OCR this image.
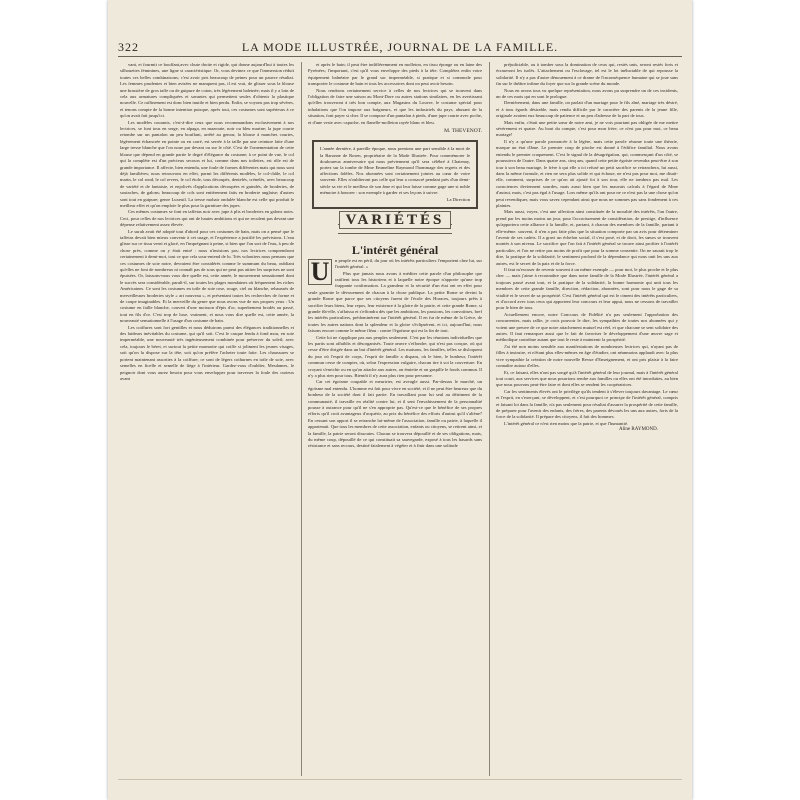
322	LA MODE ILLUSTRÉE, JOURNAL DE LA FAMILLE.

vant, et fourmit ce bouffant,avec chute droite et rigide, qui donne aujourd'hui à toutes les silhouettes féminines, une ligne si caractéristique. Or, vous devinez ce que l'immersion réduit toutes ces belles combinaisons; c'est avoir pris beaucoup de peines pour un pauvre résultat. Les femmes prudentes et bien avisées ne manquent pas, il est vrai, de glisser sous la blouse une brassière de gros taffe ou de guipure de coton, très légèrement baleinée; mais il y a loin de cela aux armatures compliquées et savantes qui permettent seules d'obtenir la plastique nouvelle. Ce raffinement est donc bien inutile et bien perdu. Enfin, se voyons pas trop sévères, et tenons compte de la bonne intention puisque, après tout, ces costumes sont supérieurs à ce qu'on avait fait jusqu'ici.

Les modèles courants, c'est-à-dire ceux que nous recommandons exclusivement à nos lectrices, se font tous en serge, en alpaga, en mazorate, noir ou bleu marine; la jupe courte retombe sur un pantalon un peu bouffant, arrêté au genou; la blouse à manches courtes, légèrement échancrée en pointe ou en carré, est serrée à la taille par une ceinture faite d'une large tresse blanche que l'on noue par devant ou sur le côté. C'est de l'ornementation de cette blouse que dépend en grande partie le degré d'élégance du costume; à ce point de vue, le col qui la complète est d'un précieux secours et lui, comme dans nos toilettes, est rôle est de grande importance. Il affecte, bien entendu, une foule de formes différentes mais qui nous sont déjà familières; nous retrouvons en effet, parmi les différents modèles, le col-châle, le col marin, le col rond, le col revers, le col étole, tous découpés, dentelés, crénelés, avec beaucoup de variété et de fantaisie, et enjolivés d'applications découpées et guindés, de broderies, de soutaches, de galons; beaucoup de cols sont entièrement faits en broderie anglaise; d'autres sont tout en guipure; genre Luxeuil. La tresse mohair ondulée blanche est celle qui produit le meilleur effet et qu'on emploie le plus pour la garniture des jupes.

Ces mêmes costumes se font en taffetas noir avec jupe à plis et broderies en galons noirs. Ceci, pour celles de nos lectrices qui ont de hautes ambitions et qui ne reculent pas devant une dépense relativement assez élevée.

Le surah avait été adopté tout d'abord pour ces costumes de bain, mais on a pensé que le taffetas devait bien mieux convenir à cet usage, et l'expérience a justifié les prévisions. L'eau glisse sur ce tissu verni et glacé, en l'imprégnant à peine, si bien que l'on sort de l'eau, à peu de chose près, comme on y était entré : nous n'insistons pas; nos lectrices comprendront certainement à demi-mot, tout ce que cela sous-entend de lu. Très volontiers nous pensons que ces costumes de soie noire, devraient être considérés comme le summum du beau, oubliant qu'elles ne font de nombreux ni connaît pas de sous qui ne peut pas attirer les surprises ne sont épuisées. Or, laissons-nous vous dire quelle est, cette année, le mouvement sensationnel dont le succès sera considérable, paraît-il, sur toutes les plages mondaines où fréquentent les riches Américaines. Ce sont les costumes en toile de soie rose, rouge, ciel ou blanche, rehaussés de merveilleuses broderies style « art nouveau », et présentant toutes les recherches de forme et de coupe imaginables. Et la merveille du genre que nous avons vue de nos propres yeux : Un costume en faille blanche, couvert d'une moisson d'épis d'or, superbement brodés au passé, tout en fils d'or. C'est trop de luxe, vraiment, et nous vous dire quelle est, cette année, la nouveauté sensationnelle à l'usage d'un costume de bain.

Les coiffures sont fort gentilles et nous déduirons parmi des élégances traditionnelles et des laideurs inévitables du costume, qui qu'il soit. C'est le casque fendu à fond mou, en soie imperméable, une nouveauté très ingénieusement combinée pour préserver du soleil; avec cela, toujours le béret, et surtout la petite marmotte qui coiffe si joliment les jeunes visages, soit qu'on la dispose sur la tête, soit qu'on préfère l'acheter toute faite. Les chaussures se portent maintenant assorties à la coiffure; ce sont de légers cothurnes en toile de soie, avec semelles en ficelle et semelle de liège à l'intérieur. Gardez-vous d'oublier, Mesdames, le peignoir dont vous aurez besoin pour vous envelopper pour traverser la foule des curieux avant

et après le bain; il peut être indifféremment en molleton, en tissu éponge ou en laine des Pyrénées; l'important, c'est qu'il vous enveloppe des pieds à la tête. Complétez enfin votre équipement balnéaire par le grand sac imperméable, si pratique et si commode pour transporter le costume de bain et tous les accessoires dont on peut avoir besoin.

Nous rendrons certainement service à celles de nos lectrices qui se trouvent dans l'obligation de faire une saison au Mont-Dore ou autres stations similaires, en les avertissant qu'elles trouveront à très bon compte, aux Magasins du Louvre, le costume spécial pour inhalations que l'on impose aux baigneurs, et que les industriels du pays, abusant de la situation, font payer si cher. Il se compose d'un pantalon à pieds, d'une jupe courte avec poche, et d'une veste avec capuche, en flanelle-molleton rayée blanc et bleu.

M. THEVENOT.
L'année dernière, à pareille époque, nous prenions une part sensible à la mort de la Baronne de Rosen, propriétaire de la Mode Illustrée. Pour commémorer le douloureux anniversaire qui nous préviennent qu'il sera célébré à Chatenay, portez sur la tombe de Mme Emmeline Raymond l'hommage des regrets et des affections fidèles. Nos abonnées sont certainement jointes au cœur de votre souvenir. Elles n'oublieront pas celle qui leur a consacré pendant près d'un demi-siècle sa vie et le meilleur de son âme et qui leur laisse comme gage une si noble mémoire à honorer : son exemple à garder et ses leçons à suivre.
La Direction
VARIÉTÉS
L'intérêt général
U	n peuple est en péril, du jour où les intérêts particuliers l'emportent chez lui, sur l'intérêt général. »

Plus que jamais nous avons à méditer cette parole d'un philosophe que ratifient tous les historiens et à laquelle notre époque n'apporte qu'une trop frappante confirmation. La grandeur et la sécurité d'un état ont en effet pour seule garantie le dévouement de chacun à la chose publique. La petite Rome se devint la grande Rome que parce que ses citoyens furent de l'école des Horaces, toujours prêts à sacrifier leurs biens, leur repos, leur existence à la gloire de la patrie, et cette grande Rome, si grande fût-elle, s'affaissa et s'effondra dès que les ambitions, les passions, les convoitises, bref les intérêts particuliers, prédominèrent sur l'intérêt général. Il en fut de même de la Grèce, de toutes les autres nations dont la splendeur et la gloire s'éclipsèrent, et ici, aujourd'hui, nous faisons encore comme le même fléau : contre l'égoïsme qui est la fin de tout.

Cette loi ne s'applique pas aux peuples seulement. C'est par les réunions individuelles que les partis sont affaiblis et désorganisés. Toute œuvre s'effondre, qui n'est pas conçue, où qui cesse d'être dirigée dans un but d'intérêt général. Les maisons, les familles, telles se disloquent du jour où l'esprit de corps, l'esprit de famille a disparu, où le bien, le bonheur, l'intérêt commun cesse de compter, où, selon l'expression vulgaire, chacun tire à soi la couverture. En croyant s'enrichir ou en qu'on attache aux autres, on émiette et on gaspille le fonds commun. Il n'y a plus rien pour tous. Bientôt il n'y aura plus rien pour personne.

Car cet égoïsme coupable et meurtrier, est aveugle aussi. Par-dessus le marché, un égoïsme mal entendu. L'homme est fait pour vivre en société, et il ne peut être heureux que du bonheur de la société dont il fait partie. En travaillant pour lui seul au détriment de la communauté, il travaille en réalité contre lui, et il sent l'envahissement de la personnalité pousse à outrance pour qu'il ne s'en approprie pas. Qu'est-ce que le bénéfice de ses propres efforts qu'il croit avantageux d'acquérir, au prix du bénéfice des efforts d'autrui qu'il s'aliène? En cessant son apport il se retranche lui-même de l'association, famille ou patrie, à laquelle il appartenait. Que tous les membres de cette association, enfants ou citoyens, se retirent ainsi, et la famille, la patrie seront dissoutes. Chacun se trouvera dépouillé et de ses obligations, mais, du même coup, dépouillé de ce qui constituait sa sauvegarde, exposé à tous les hasards sans résistance et sans recours, destiné fatalement à végéter et à finir dans une solitude

préjudiciable, ou à tomber sous la domination de ceux qui, restés unis, seront restés forts et écraseront les isolés. L'attachement ou l'esclavage, tel est le lot inéluctable de qui repousse la solidarité. Il n'y a pas d'autre dénouement à ce drame de l'inconséquence humaine qui se joue sans fin sur le théâtre infime du foyer que sur la grande scène du monde.

Nous en avons tous vu quelque représentation, nous avons pu surprendre un de ces incidents, un de ces mots qui en sont le prologue.

Dernièrement, dans une famille, on parlait d'un mariage pour le fils aîné, mariage très désiré, et à tous égards désirable, mais rendu difficile par le caractère des parents de la jeune fille, originale avaient eux beaucoup de patience et un peu d'adresse de la part de tous.

Mais enfin, c'était une petite sœur de notre ami, je ne vois pourtant pas obligée de me mettre sévèrement et quatre. Au bout du compte, c'est pour mon frère, ce n'est pas pour moi, ce beau mariage!

Il n'y a qu'une parole prononcée à la légère, mais cette parole résume toute une théorie, marque un état d'âme. Le premier coup de pioche est donné à l'édifice familial. Nous avons entendu le premier craquement. C'est le signal de la désagrégation, qui, commençant d'un côté, se poursuivra de l'autre. Dans quatre ans, cinq ans, quand cette petite égoïste revendra peut-être à son tour à son beau mariage, le frère à qui elle a ici refusé un petit sacrifice se retranchera, lui aussi, dans la même formule, et rien ne sera plus solide et qui échoue, ne n'est pas pour moi, me disait-elle, comment, surprises de ce qu'on ait ajouté foi à son tour, elle ne tombera pas mal. Les consciences deviennent sourdes, mais aussi bien que les mauvais calculs à l'égard de Mme d'autrui, mais, c'est pas égal à l'usage. Lors même qu'ils ont pour ne ce n'est pas la une chose qu'on peut revendiquer, mais vous savez cependant ainsi que nous ne sommes pas sans fondement à ces plaintes.

Mais aussi, voyez, c'est une affection ainsi constituée de la moralité des intérêts, l'un l'autre, prend par les moins moins un jour, pour l'accroissement de considération, de prestige, d'influence qu'apportera cette alliance à la famille, et, partant, à chacun des membres de la famille, partant à elle-même. souvent, il n'en a pas faite plus que la situation comporte par un avis pour déterminer l'avenir de ses cadets. Il a gravi un échelon social, il s'est posé, et de droit, les sœurs se trouvent montés à son niveau. Le sacrifice que l'on fait à l'intérêt général se trouve ainsi profiter à l'intérêt particulier, et l'on ne retire pas moins de profit que pour la somme consentie. On ne saurait trop le dire, la pratique de la solidarité, le sentiment profond de la dépendance qui nous unit les uns aux autres, est le secret de la paix et de la force.

Il faut m'excuser de revenir souvent à un même exemple — pour moi, le plus proche et le plus cher — mais j'aime à reconnaître que dans notre famille de la Mode Illustrée, l'intérêt général a toujours passé avant tout, et la pratique de la solidarité, la bonne harmonie qui unit tous les membres de cette grande famille, direction, rédaction, abonnées, sont pour nous le gage de sa vitalité et le secret de sa prospérité. C'est l'intérêt général qui est le ciment des intérêts particuliers, et d'accord avec tous ceux qui apportent leur concours et leur appui, nous ne cessons de travailler pour le bien de tous.

Actuellement encore, notre Concours de Fidélité n'a pas seulement l'approbation des concurrentes, mais rallie, je crois pouvoir le dire, les sympathies de toutes nos abonnées qui y voient une preuve de ce que notre attachement mutuel est réel, et que chacune se sent solidaire des autres. Il faut remarquer aussi que le fait de favoriser le développement d'une œuvre sage et méthodique contribue autant que tout le reste à maintenir la prospérité.

J'ai été non moins sensible aux manifestations de nombreuses lectrices qui, n'ayant pas de filles à instruire, et n'étant plus elles-mêmes en âge d'étudier, ont néanmoins applaudi avec la plus vive sympathie la création de notre nouvelle Revue d'Enseignement, et ont pris plaisir à la faire connaître autour d'elles.

Et, ce faisant, elles n'ont pas songé qu'à l'intérêt général de leur journal, mais à l'intérêt général tout court, aux services que nous pourrions rendre aux familles ou elles ont été introduites, au bien que nous pouvons peut-être faire et dont elles se rendent les coopératrices.

Car les sentiments élevés ont le privilège qu'ils tendent à s'élever toujours davantage. Le cœur et l'esprit, en s'exerçant, se développent, et c'est pourquoi ce principe de l'intérêt général, compris et faisant loi dans la famille, n'a pas seulement pour résultat d'assurer la prospérité de cette famille, de préparer pour l'avenir des enfants, des frères, des parents dévoués les uns aux autres, forts de la force de la solidarité. Il prépare des citoyens, il fait des hommes.

L'intérêt général ce n'est rien moins que la patrie, et que l'humanité.

Aline RAYMOND.
